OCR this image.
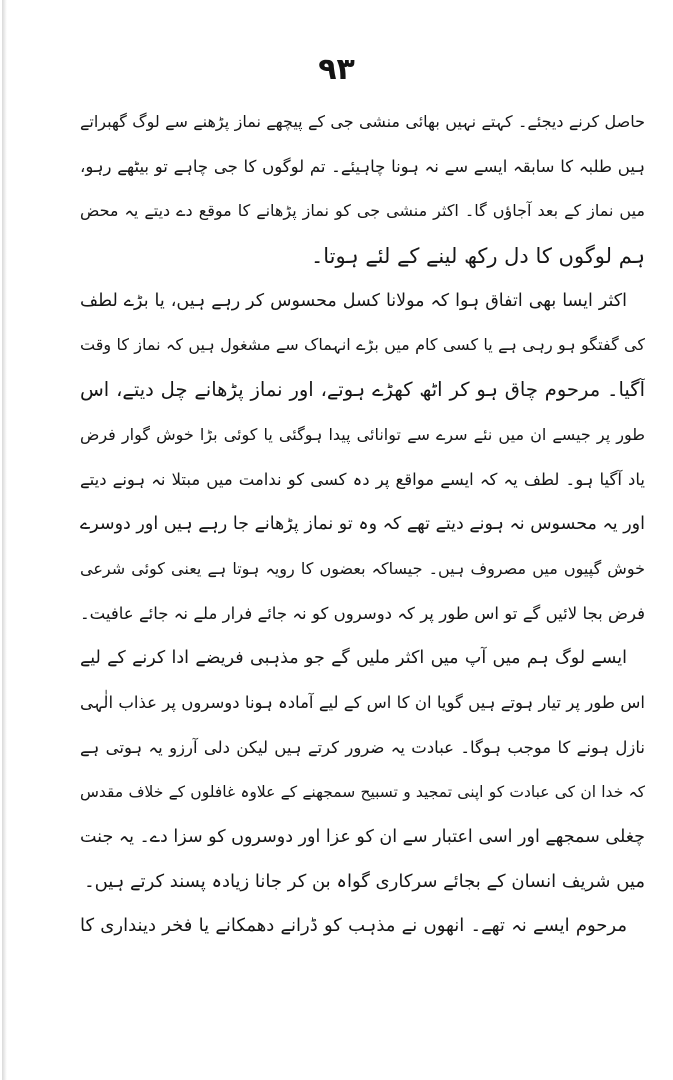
۹۳
حاصل کرنے دیجئے۔ کہتے نہیں بھائی منشی جی کے پیچھے نماز پڑھنے سے لوگ گھبراتے
ہیں طلبہ کا سابقہ ایسے سے نہ ہونا چاہیئے۔ تم لوگوں کا جی چاہے تو بیٹھے رہو،
میں نماز کے بعد آجاؤں گا۔ اکثر منشی جی کو نماز پڑھانے کا موقع دے دیتے یہ محض
ہم لوگوں کا دل رکھ لینے کے لئے ہوتا۔
اکثر ایسا بھی اتفاق ہوا کہ مولانا کسل محسوس کر رہے ہیں، یا بڑے لطف
کی گفتگو ہو رہی ہے یا کسی کام میں بڑے انہماک سے مشغول ہیں کہ نماز کا وقت
آگیا۔ مرحوم چاق ہو کر اٹھ کھڑے ہوتے، اور نماز پڑھانے چل دیتے، اس
طور پر جیسے ان میں نئے سرے سے توانائی پیدا ہوگئی یا کوئی بڑا خوش گوار فرض
یاد آگیا ہو۔ لطف یہ کہ ایسے مواقع پر دہ کسی کو ندامت میں مبتلا نہ ہونے دیتے
اور یہ محسوس نہ ہونے دیتے تھے کہ وہ تو نماز پڑھانے جا رہے ہیں اور دوسرے
خوش گپیوں میں مصروف ہیں۔ جیساکہ بعضوں کا رویہ ہوتا ہے یعنی کوئی شرعی
فرض بجا لائیں گے تو اس طور پر کہ دوسروں کو نہ جائے فرار ملے نہ جائے عافیت۔
ایسے لوگ ہم میں آپ میں اکثر ملیں گے جو مذہبی فریضے ادا کرنے کے لیے
اس طور پر تیار ہوتے ہیں گویا ان کا اس کے لیے آمادہ ہونا دوسروں پر عذاب الٰہی
نازل ہونے کا موجب ہوگا۔ عبادت یہ ضرور کرتے ہیں لیکن دلی آرزو یہ ہوتی ہے
کہ خدا ان کی عبادت کو اپنی تمجید و تسبیح سمجھنے کے علاوہ غافلوں کے خلاف مقدس
چغلی سمجھے اور اسی اعتبار سے ان کو عزا اور دوسروں کو سزا دے۔ یہ جنت
میں شریف انسان کے بجائے سرکاری گواہ بن کر جانا زیادہ پسند کرتے ہیں۔
مرحوم ایسے نہ تھے۔ انھوں نے مذہب کو ڈرانے دھمکانے یا فخر دینداری کا
